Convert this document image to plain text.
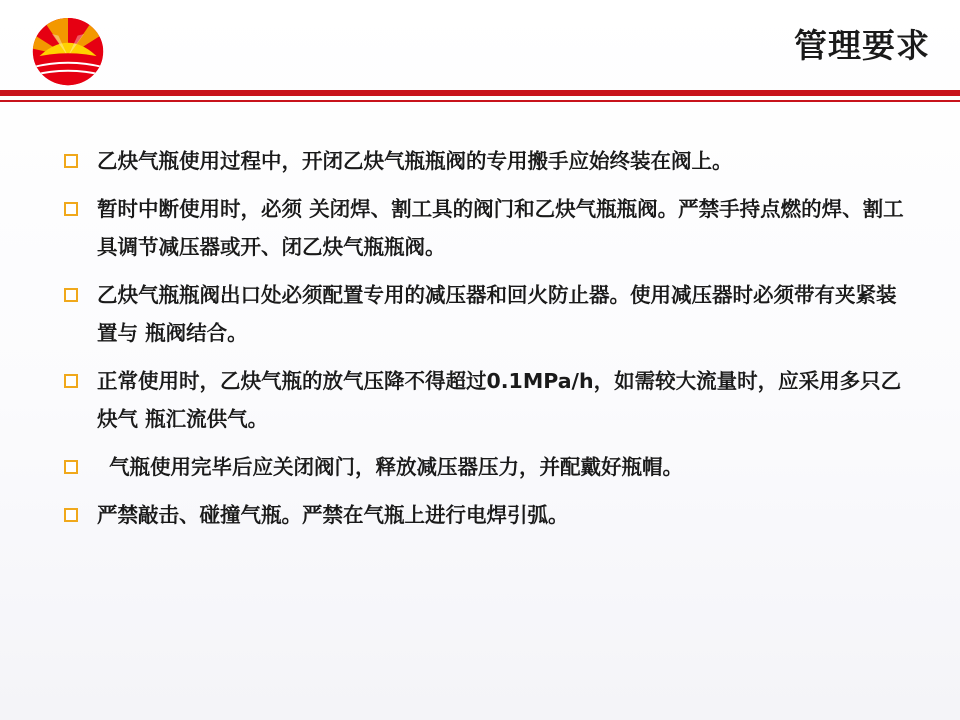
管理要求
乙炔气瓶使用过程中，开闭乙炔气瓶瓶阀的专用搬手应始终装在阀上。
暂时中断使用时，必须 关闭焊、割工具的阀门和乙炔气瓶瓶阀。严禁手持点燃的焊、割工具调节减压器或开、闭乙炔气瓶瓶阀。
乙炔气瓶瓶阀出口处必须配置专用的减压器和回火防止器。使用减压器时必须带有夹紧装置与 瓶阀结合。
正常使用时，乙炔气瓶的放气压降不得超过0.1MPa/h，如需较大流量时，应采用多只乙炔气 瓶汇流供气。
气瓶使用完毕后应关闭阀门，释放减压器压力，并配戴好瓶帽。
严禁敲击、碰撞气瓶。严禁在气瓶上进行电焊引弧。
